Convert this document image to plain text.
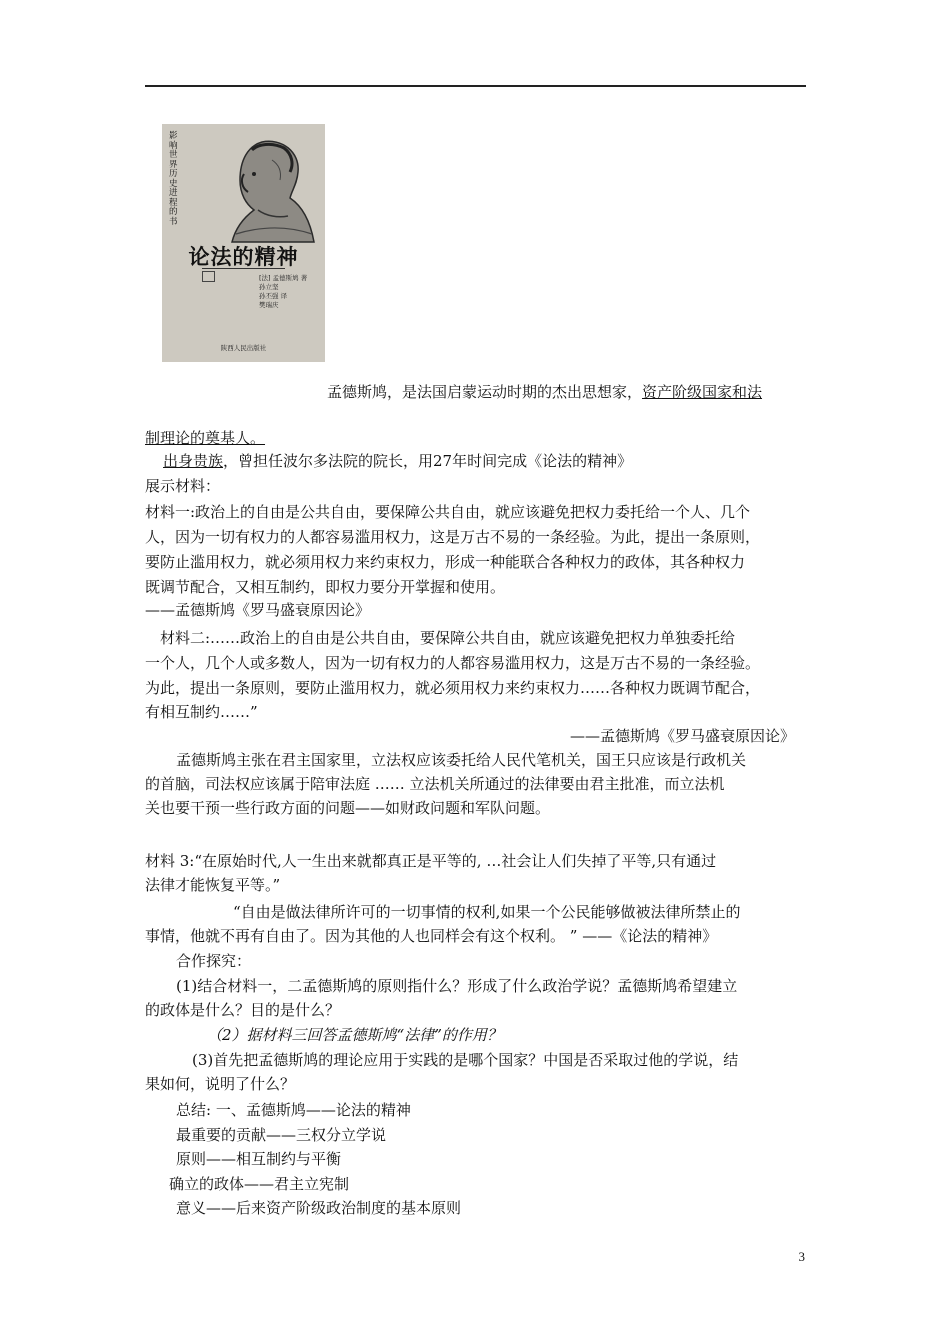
影响世界历史进程的书
论法的精神
[法] 孟德斯鸠 著
孙立坚
孙丕强 译
樊瑞庆
陕西人民出版社
孟德斯鸠，是法国启蒙运动时期的杰出思想家，资产阶级国家和法
制理论的奠基人。
出身贵族，曾担任波尔多法院的院长，用27年时间完成《论法的精神》
展示材料：
材料一:政治上的自由是公共自由，要保障公共自由，就应该避免把权力委托给一个人、几个
人，因为一切有权力的人都容易滥用权力，这是万古不易的一条经验。为此，提出一条原则，
要防止滥用权力，就必须用权力来约束权力，形成一种能联合各种权力的政体，其各种权力
既调节配合，又相互制约，即权力要分开掌握和使用。
——孟德斯鸠《罗马盛衰原因论》
材料二:……政治上的自由是公共自由，要保障公共自由，就应该避免把权力单独委托给
一个人，几个人或多数人，因为一切有权力的人都容易滥用权力，这是万古不易的一条经验。
为此，提出一条原则，要防止滥用权力，就必须用权力来约束权力……各种权力既调节配合，
有相互制约……”
——孟德斯鸠《罗马盛衰原因论》
孟德斯鸠主张在君主国家里，立法权应该委托给人民代笔机关，国王只应该是行政机关
的首脑，司法权应该属于陪审法庭 …… 立法机关所通过的法律要由君主批准，而立法机
关也要干预一些行政方面的问题——如财政问题和军队问题。
材料 3:“在原始时代,人一生出来就都真正是平等的, …社会让人们失掉了平等,只有通过
法律才能恢复平等。”
“自由是做法律所许可的一切事情的权利,如果一个公民能够做被法律所禁止的
事情，他就不再有自由了。因为其他的人也同样会有这个权利。 ” ——《论法的精神》
合作探究：
(1)结合材料一，二孟德斯鸠的原则指什么？形成了什么政治学说？孟德斯鸠希望建立
的政体是什么？目的是什么？
（2）据材料三回答孟德斯鸠“法律”的作用？
(3)首先把孟德斯鸠的理论应用于实践的是哪个国家？中国是否采取过他的学说，结
果如何，说明了什么？
总结: 一、孟德斯鸠——论法的精神
最重要的贡献——三权分立学说
原则——相互制约与平衡
确立的政体——君主立宪制
意义——后来资产阶级政治制度的基本原则
3
